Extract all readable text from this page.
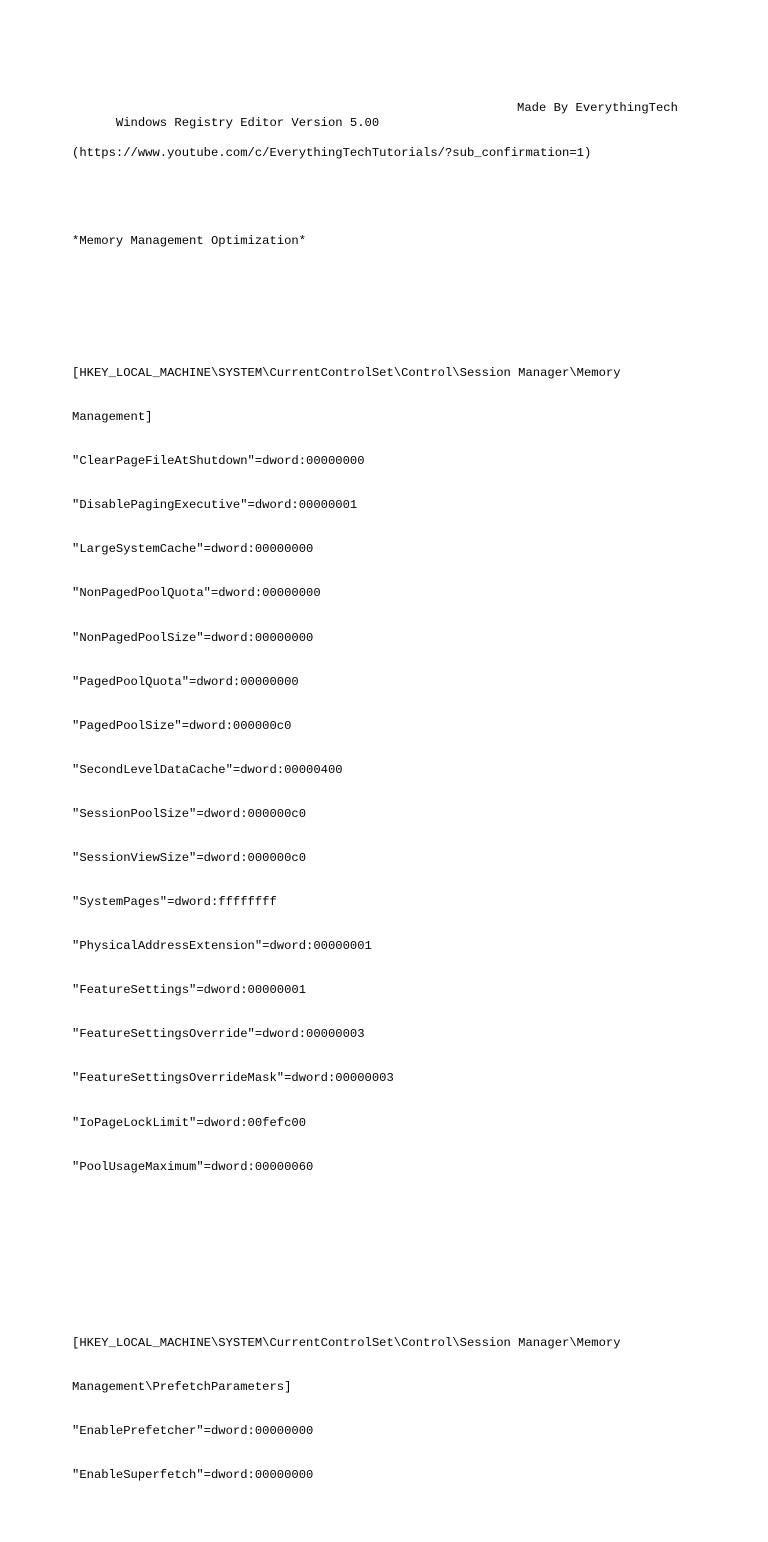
Windows Registry Editor Version 5.00

Made By EverythingTech

(https://www.youtube.com/c/EverythingTechTutorials/?sub_confirmation=1)

*Memory Management Optimization*

[HKEY_LOCAL_MACHINE\SYSTEM\CurrentControlSet\Control\Session Manager\Memory

Management]

"ClearPageFileAtShutdown"=dword:00000000

"DisablePagingExecutive"=dword:00000001

"LargeSystemCache"=dword:00000000

"NonPagedPoolQuota"=dword:00000000

"NonPagedPoolSize"=dword:00000000

"PagedPoolQuota"=dword:00000000

"PagedPoolSize"=dword:000000c0

"SecondLevelDataCache"=dword:00000400

"SessionPoolSize"=dword:000000c0

"SessionViewSize"=dword:000000c0

"SystemPages"=dword:ffffffff

"PhysicalAddressExtension"=dword:00000001

"FeatureSettings"=dword:00000001

"FeatureSettingsOverride"=dword:00000003

"FeatureSettingsOverrideMask"=dword:00000003

"IoPageLockLimit"=dword:00fefc00

"PoolUsageMaximum"=dword:00000060

[HKEY_LOCAL_MACHINE\SYSTEM\CurrentControlSet\Control\Session Manager\Memory

Management\PrefetchParameters]

"EnablePrefetcher"=dword:00000000

"EnableSuperfetch"=dword:00000000
